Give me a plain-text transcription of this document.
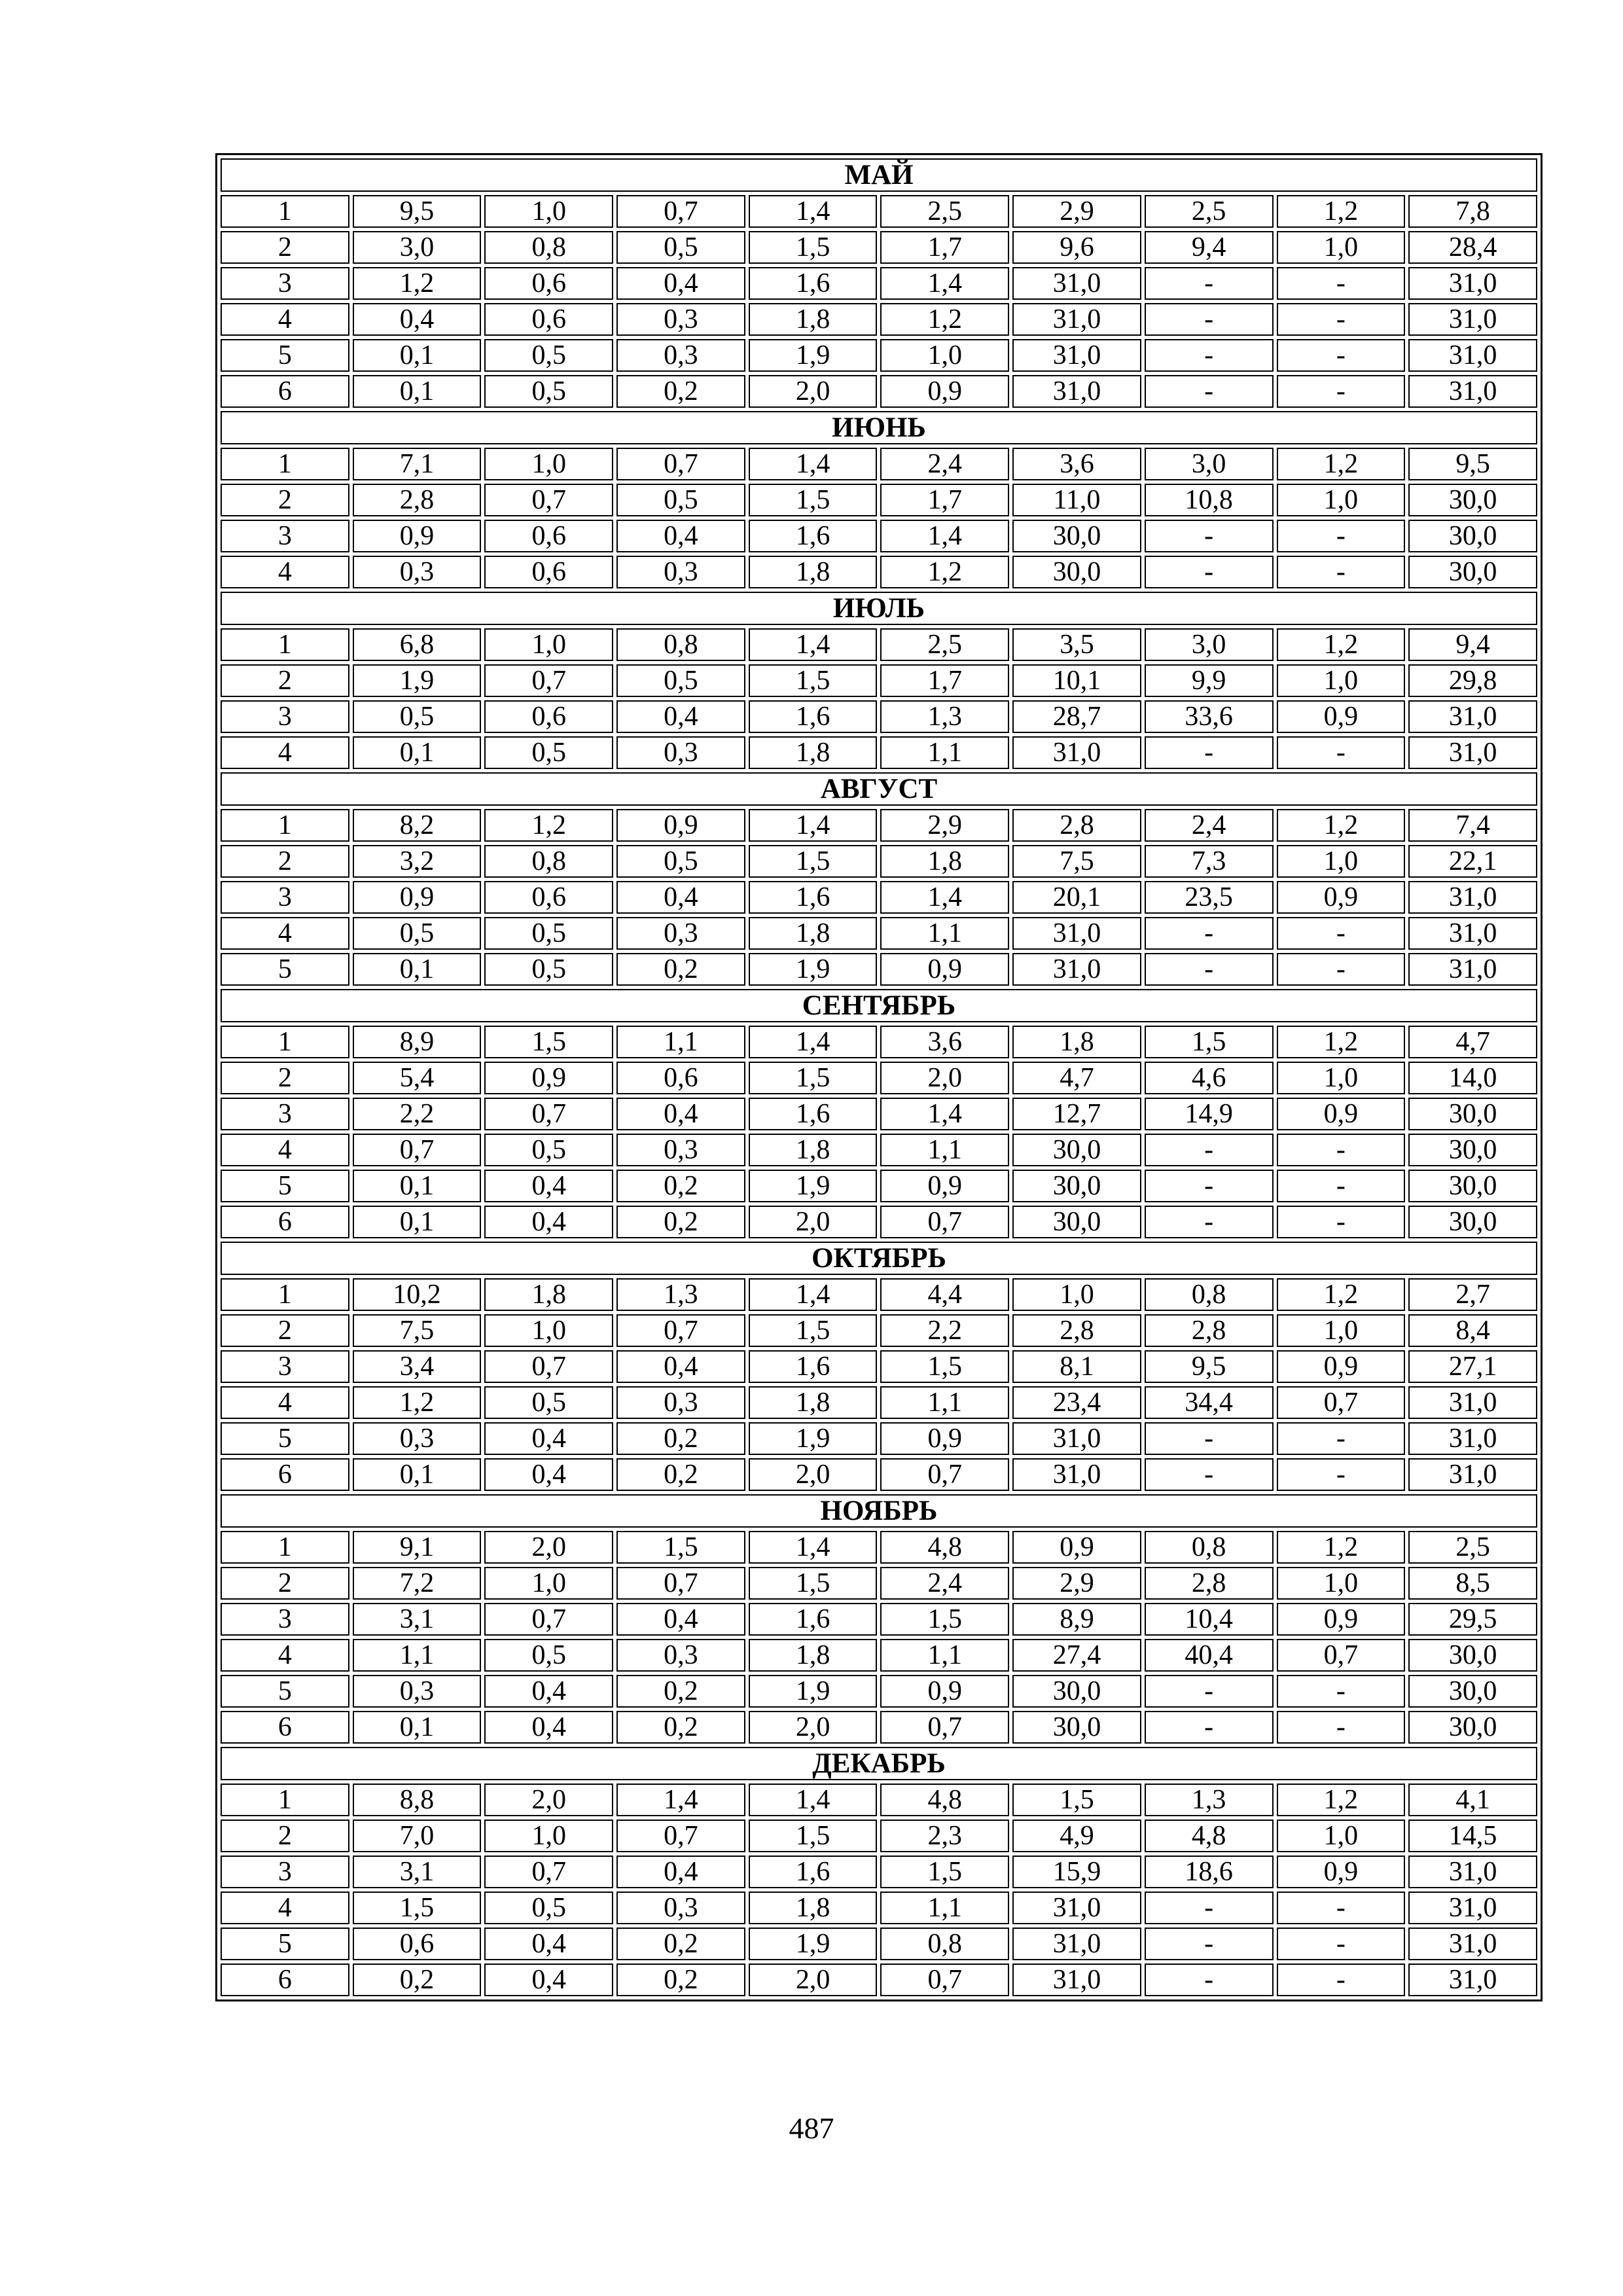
МАЙ									
1	9,5	1,0	0,7	1,4	2,5	2,9	2,5	1,2	7,8
2	3,0	0,8	0,5	1,5	1,7	9,6	9,4	1,0	28,4
3	1,2	0,6	0,4	1,6	1,4	31,0	-	-	31,0
4	0,4	0,6	0,3	1,8	1,2	31,0	-	-	31,0
5	0,1	0,5	0,3	1,9	1,0	31,0	-	-	31,0
6	0,1	0,5	0,2	2,0	0,9	31,0	-	-	31,0
ИЮНЬ									
1	7,1	1,0	0,7	1,4	2,4	3,6	3,0	1,2	9,5
2	2,8	0,7	0,5	1,5	1,7	11,0	10,8	1,0	30,0
3	0,9	0,6	0,4	1,6	1,4	30,0	-	-	30,0
4	0,3	0,6	0,3	1,8	1,2	30,0	-	-	30,0
ИЮЛЬ									
1	6,8	1,0	0,8	1,4	2,5	3,5	3,0	1,2	9,4
2	1,9	0,7	0,5	1,5	1,7	10,1	9,9	1,0	29,8
3	0,5	0,6	0,4	1,6	1,3	28,7	33,6	0,9	31,0
4	0,1	0,5	0,3	1,8	1,1	31,0	-	-	31,0
АВГУСТ									
1	8,2	1,2	0,9	1,4	2,9	2,8	2,4	1,2	7,4
2	3,2	0,8	0,5	1,5	1,8	7,5	7,3	1,0	22,1
3	0,9	0,6	0,4	1,6	1,4	20,1	23,5	0,9	31,0
4	0,5	0,5	0,3	1,8	1,1	31,0	-	-	31,0
5	0,1	0,5	0,2	1,9	0,9	31,0	-	-	31,0
СЕНТЯБРЬ									
1	8,9	1,5	1,1	1,4	3,6	1,8	1,5	1,2	4,7
2	5,4	0,9	0,6	1,5	2,0	4,7	4,6	1,0	14,0
3	2,2	0,7	0,4	1,6	1,4	12,7	14,9	0,9	30,0
4	0,7	0,5	0,3	1,8	1,1	30,0	-	-	30,0
5	0,1	0,4	0,2	1,9	0,9	30,0	-	-	30,0
6	0,1	0,4	0,2	2,0	0,7	30,0	-	-	30,0
ОКТЯБРЬ									
1	10,2	1,8	1,3	1,4	4,4	1,0	0,8	1,2	2,7
2	7,5	1,0	0,7	1,5	2,2	2,8	2,8	1,0	8,4
3	3,4	0,7	0,4	1,6	1,5	8,1	9,5	0,9	27,1
4	1,2	0,5	0,3	1,8	1,1	23,4	34,4	0,7	31,0
5	0,3	0,4	0,2	1,9	0,9	31,0	-	-	31,0
6	0,1	0,4	0,2	2,0	0,7	31,0	-	-	31,0
НОЯБРЬ									
1	9,1	2,0	1,5	1,4	4,8	0,9	0,8	1,2	2,5
2	7,2	1,0	0,7	1,5	2,4	2,9	2,8	1,0	8,5
3	3,1	0,7	0,4	1,6	1,5	8,9	10,4	0,9	29,5
4	1,1	0,5	0,3	1,8	1,1	27,4	40,4	0,7	30,0
5	0,3	0,4	0,2	1,9	0,9	30,0	-	-	30,0
6	0,1	0,4	0,2	2,0	0,7	30,0	-	-	30,0
ДЕКАБРЬ									
1	8,8	2,0	1,4	1,4	4,8	1,5	1,3	1,2	4,1
2	7,0	1,0	0,7	1,5	2,3	4,9	4,8	1,0	14,5
3	3,1	0,7	0,4	1,6	1,5	15,9	18,6	0,9	31,0
4	1,5	0,5	0,3	1,8	1,1	31,0	-	-	31,0
5	0,6	0,4	0,2	1,9	0,8	31,0	-	-	31,0
6	0,2	0,4	0,2	2,0	0,7	31,0	-	-	31,0
487
